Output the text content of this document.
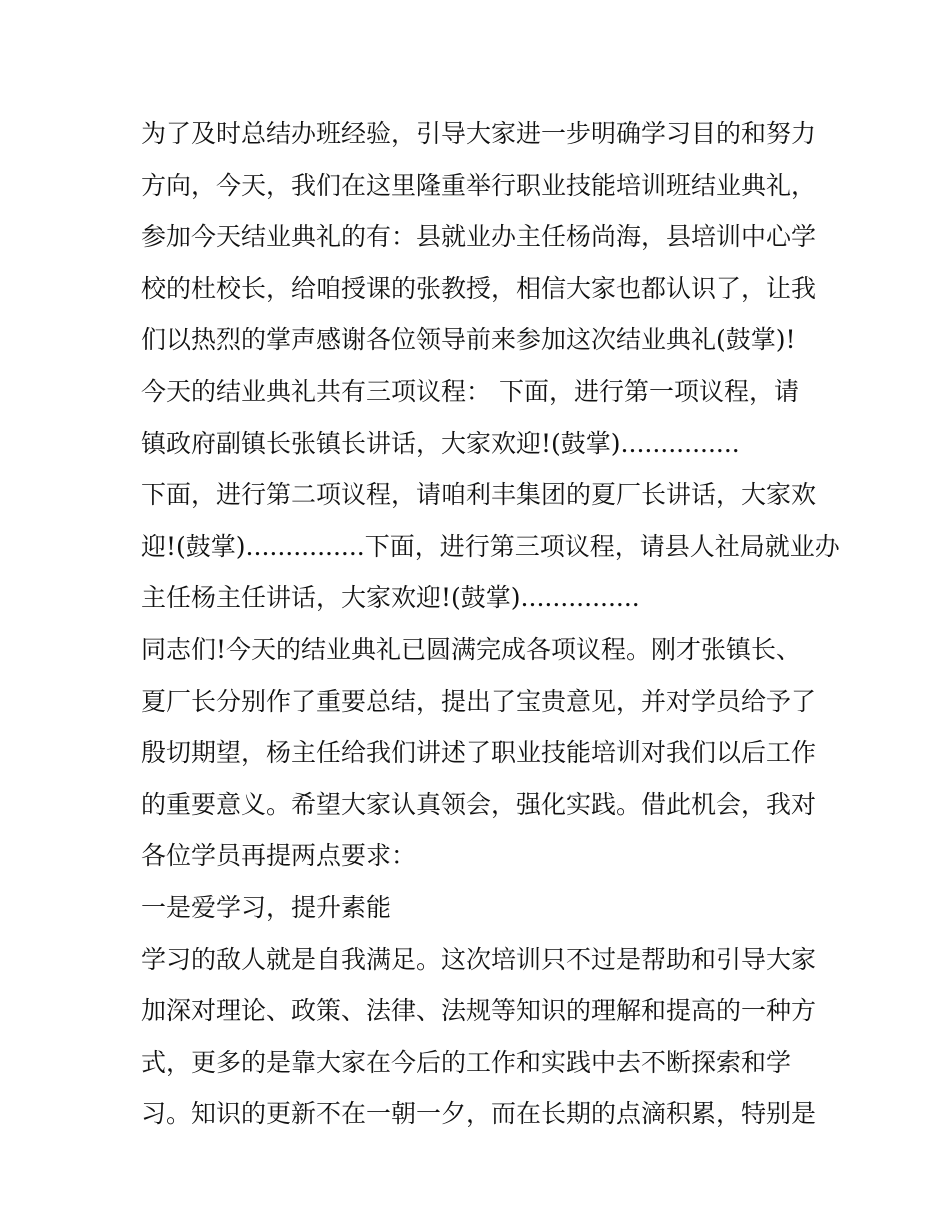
为了及时总结办班经验，引导大家进一步明确学习目的和努力
方向，今天，我们在这里隆重举行职业技能培训班结业典礼，
参加今天结业典礼的有：县就业办主任杨尚海，县培训中心学
校的杜校长，给咱授课的张教授，相信大家也都认识了，让我
们以热烈的掌声感谢各位领导前来参加这次结业典礼(鼓掌)!
今天的结业典礼共有三项议程： 下面，进行第一项议程，请
镇政府副镇长张镇长讲话，大家欢迎!(鼓掌)...............
下面，进行第二项议程，请咱利丰集团的夏厂长讲话，大家欢
迎!(鼓掌)...............下面，进行第三项议程，请县人社局就业办
主任杨主任讲话，大家欢迎!(鼓掌)...............
同志们!今天的结业典礼已圆满完成各项议程。刚才张镇长、
夏厂长分别作了重要总结，提出了宝贵意见，并对学员给予了
殷切期望，杨主任给我们讲述了职业技能培训对我们以后工作
的重要意义。希望大家认真领会，强化实践。借此机会，我对
各位学员再提两点要求：
一是爱学习，提升素能
学习的敌人就是自我满足。这次培训只不过是帮助和引导大家
加深对理论、政策、法律、法规等知识的理解和提高的一种方
式，更多的是靠大家在今后的工作和实践中去不断探索和学
习。知识的更新不在一朝一夕，而在长期的点滴积累，特别是
